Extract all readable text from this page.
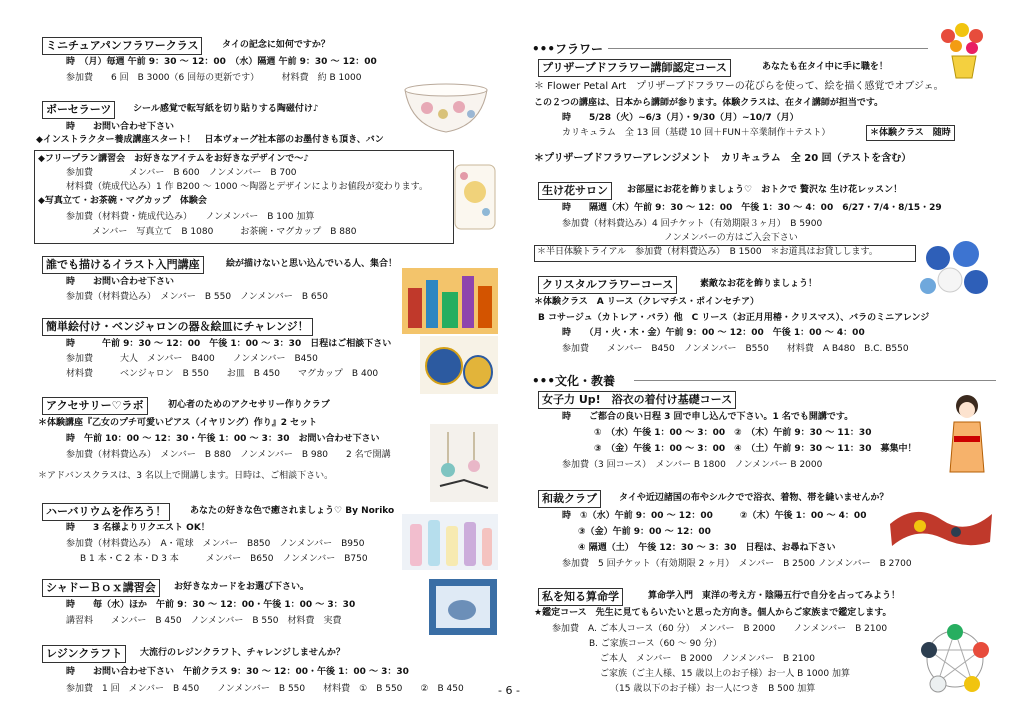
ミニチュアパンフラワークラス	タイの記念に如何ですか？
時　（月）毎週 午前 9：30 ～ 12：00　（水）隔週 午前 9：30 ～ 12：00
参加費　　6 回　B 3000（6 回毎の更新です）　　　材料費　約 B 1000
ポーセラーツ	シール感覚で転写紙を切り貼りする陶磁付け♪
時　　お問い合わせ下さい
◆インストラクター養成講座スタート！　日本ヴォーグ社本部のお墨付きも頂き、バン
◆フリープラン講習会　お好きなアイテムをお好きなデザインで～♪
参加費　　　　メンバー　B 600　ノンメンバー　B 700
材料費（焼成代込み）1 作 B200 ～ 1000 ～陶器とデザインによりお値段が変わります。
◆写真立て・お茶碗・マグカップ　体験会
参加費（材料費・焼成代込み）　　ノンメンバー　B 100 加算
メンバー　写真立て　B 1080　　　お茶碗・マグカップ　B 880
誰でも描けるイラスト入門講座	絵が描けないと思い込んでいる人、集合！
時　　お問い合わせ下さい
参加費（材料費込み）　メンバー　B 550　ノンメンバー　B 650
簡単絵付け・ベンジャロンの器＆絵皿にチャレンジ！
時　　　午前 9：30 ～ 12：00　午後 1：00 ～ 3：30　日程はご相談下さい
参加費　　　大人　メンバー　B400　　ノンメンバー　B450
材料費　　　ベンジャロン　B 550　　お皿　B 450　　マグカップ　B 400
アクセサリー♡ラボ	初心者のためのアクセサリー作りクラブ
＊体験講座『乙女のプチ可愛いピアス（イヤリング）作り』2 セット
時　午前 10：00 ～ 12：30・午後 1：00 ～ 3：30　お問い合わせ下さい
参加費（材料費込み）　メンバー　B 880　ノンメンバー　B 980　　2 名で開講
＊アドバンスクラスは、3 名以上で開講します。日時は、ご相談下さい。
ハーバリウムを作ろう！	あなたの好きな色で癒されましょう♡ By Noriko
時　　3 名様よりリクエスト OK！
参加費（材料費込み）　A・電球　メンバー　B850　ノンメンバー　B950
B 1 本・C 2 本・D 3 本　　　メンバー　B650　ノンメンバー　B750
シャドーＢｏｘ講習会	お好きなカードをお選び下さい。
時　　毎（水）ほか　午前 9：30 ～ 12：00・午後 1：00 ～ 3：30
講習料　　メンバー　B 450　ノンメンバー　B 550　材料費　実費
レジンクラフト	大流行のレジンクラフト、チャレンジしませんか？
時　　お問い合わせ下さい　午前クラス 9：30 ～ 12：00・午後 1：00 ～ 3：30
参加費　1 回　メンバー　B 450　　ノンメンバー　B 550　　材料費　①　B 550　　②　B 450	- 6 -
•••フラワー
プリザーブドフラワー講師認定コース	あなたも在タイ中に手に職を！
＊ Flower Petal Art　プリザーブドフラワーの花びらを使って、絵を描く感覚でオブジェ。
この２つの講座は、日本から講師が参ります。体験クラスは、在タイ講師が担当です。
時　　5/28（火）~6/3（月）・9/30（月）~10/7（月）
カリキュラム　全 13 回（基礎 10 回＋FUN＋卒業制作＋テスト）	＊体験クラス　随時
＊プリザーブドフラワーアレンジメント　カリキュラム　全 20 回（テストを含む）
生け花サロン	お部屋にお花を飾りましょう♡　おトクで 贅沢な 生け花レッスン！
時　　隔週（木）午前 9：30 ～ 12：00　午後 1：30 ～ 4：00　6/27・7/4・8/15・29
参加費（材料費込み）4 回チケット（有効期限３ヶ月）　B 5900
ノンメンバーの方はご入会下さい
＊半日体験トライアル　参加費（材料費込み）　B 1500　＊お道具はお貸しします。
クリスタルフラワーコース	素敵なお花を飾りましょう！
＊体験クラス　A リース（クレマチス・ポインセチア）
B コサージュ（カトレア・バラ）他　C リース（お正月用椿・クリスマス）、バラのミニアレンジ
時　　（月・火・木・金）午前 9：00 ～ 12：00　午後 1：00 ～ 4：00
参加費　　メンバー　B450　ノンメンバー　B550　　材料費　A B480　B.C. B550
•••文化・教養
女子力 Up!　浴衣の着付け基礎コース
時　　ご都合の良い日程 3 回で申し込んで下さい。1 名でも開講です。
①　（水）午後 1：00 ～ 3：00　②　（木）午前 9：30 ～ 11：30
③　（金）午後 1：00 ～ 3：00　④　（土）午前 9：30 ～ 11：30　募集中！
参加費（3 回コース）　メンバー B 1800　ノンメンバー B 2000
和裁クラブ	タイや近辺諸国の布やシルクでで浴衣、着物、帯を縫いませんか？
時　①（水）午前 9：00 ～ 12：00　　　②（木）午後 1：00 ～ 4：00
③（金）午前 9：00 ～ 12：00
④ 隔週（土）　午後 12：30 ～ 3：30　日程は、お尋ね下さい
参加費　5 回チケット（有効期限 2 ヶ月）　メンバー　B 2500 ノンメンバー　B 2700
私を知る算命学	算命学入門　東洋の考え方・陰陽五行で自分を占ってみよう！
★鑑定コース　先生に見てもらいたいと思った方向き。個人からご家族まで鑑定します。
参加費　A. ご本人コース（60 分）　メンバー　B 2000　　ノンメンバー　B 2100
B. ご家族コース（60 ～ 90 分）
ご本人　メンバー　B 2000　ノンメンバー　B 2100
ご家族（ご主人様、15 歳以上のお子様）お一人 B 1000 加算
（15 歳以下のお子様）お一人につき　B 500 加算
